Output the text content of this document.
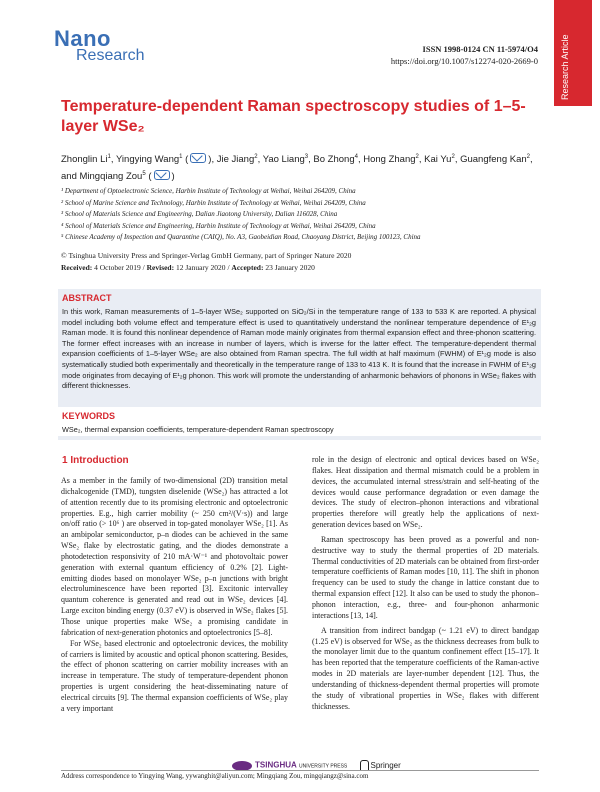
Nano
Research	ISSN 1998-0124 CN 11-5974/O4
https://doi.org/10.1007/s12274-020-2669-0 Research Article
Temperature-dependent Raman spectroscopy studies of 1–5-layer WSe₂
Zhonglin Li$^1$, Yingying Wang$^1$ ( ), Jie Jiang$^2$, Yao Liang$^3$, Bo Zhong$^4$, Hong Zhang$^2$, Kai Yu$^2$, Guangfeng Kan$^2$, and Mingqiang Zou$^5$ ( )
¹ Department of Optoelectronic Science, Harbin Institute of Technology at Weihai, Weihai 264209, China
² School of Marine Science and Technology, Harbin Institute of Technology at Weihai, Weihai 264209, China
³ School of Materials Science and Engineering, Dalian Jiaotong University, Dalian 116028, China
⁴ School of Materials Science and Engineering, Harbin Institute of Technology at Weihai, Weihai 264209, China
⁵ Chinese Academy of Inspection and Quarantine (CAIQ), No. A3, Gaobeidian Road, Chaoyang District, Beijing 100123, China
© Tsinghua University Press and Springer-Verlag GmbH Germany, part of Springer Nature 2020
Received: 4 October 2019 / Revised: 12 January 2020 / Accepted: 23 January 2020
ABSTRACT
In this work, Raman measurements of 1–5-layer WSe₂ supported on SiO₂/Si in the temperature range of 133 to 533 K are reported. A physical model including both volume effect and temperature effect is used to quantitatively understand the nonlinear temperature dependence of E¹₂g Raman mode. It is found this nonlinear dependence of Raman mode mainly originates from thermal expansion effect and three-phonon scattering. The former effect increases with an increase in number of layers, which is inverse for the latter effect. The temperature-dependent thermal expansion coefficients of 1–5-layer WSe₂ are also obtained from Raman spectra. The full width at half maximum (FWHM) of E¹₂g mode is also systematically studied both experimentally and theoretically in the temperature range of 133 to 413 K. It is found that the increase in FWHM of E¹₂g mode originates from decaying of E¹₂g phonon. This work will promote the understanding of anharmonic behaviors of phonons in WSe₂ flakes with different thicknesses.
KEYWORDS
WSe₂, thermal expansion coefficients, temperature-dependent Raman spectroscopy
1 Introduction

As a member in the family of two-dimensional (2D) transition metal dichalcogenide (TMD), tungsten diselenide (WSe₂) has attracted a lot of attention recently due to its promising electronic and optoelectronic properties. E.g., high carrier mobility (~ 250 cm²/(V·s)) and large on/off ratio (> 10⁶ ) are observed in top-gated monolayer WSe₂ [1]. As an ambipolar semiconductor, p–n diodes can be achieved in the same WSe₂ flake by electrostatic gating, and the diodes demonstrate a photodetection responsivity of 210 mA·W⁻¹ and photovoltaic power generation with external quantum efficiency of 0.2% [2]. Light-emitting diodes based on monolayer WSe₂ p–n junctions with bright electroluminescence have been reported [3]. Excitonic intervalley quantum coherence is generated and read out in WSe₂ devices [4]. Large exciton binding energy (0.37 eV) is observed in WSe₂ flakes [5]. Those unique properties make WSe₂ a promising candidate in fabrication of next-generation photonics and optoelectronics [5–8].

For WSe₂ based electronic and optoelectronic devices, the mobility of carriers is limited by acoustic and optical phonon scattering. Besides, the effect of phonon scattering on carrier mobility increases with an increase in temperature. The study of temperature-dependent phonon properties is urgent considering the heat-disseminating nature of electrical circuits [9]. The thermal expansion coefficients of WSe₂ play a very important

role in the design of electronic and optical devices based on WSe₂ flakes. Heat dissipation and thermal mismatch could be a problem in devices, the accumulated internal stress/strain and self-heating of the devices would cause performance degradation or even damage the devices. The study of electron–phonon interactions and vibrational properties therefore will greatly help the applications of next-generation devices based on WSe₂.

Raman spectroscopy has been proved as a powerful and non-destructive way to study the thermal properties of 2D materials. Thermal conductivities of 2D materials can be obtained from first-order temperature coefficients of Raman modes [10, 11]. The shift in phonon frequency can be used to study the change in lattice constant due to thermal expansion effect [12]. It also can be used to study the phonon–phonon interaction, e.g., three- and four-phonon anharmonic interactions [13, 14].

A transition from indirect bandgap (~ 1.21 eV) to direct bandgap (1.25 eV) is observed for WSe₂ as the thickness decreases from bulk to the monolayer limit due to the quantum confinement effect [15–17]. It has been reported that the temperature coefficients of the Raman-active modes in 2D materials are layer-number dependent [12]. Thus, the understanding of thickness-dependent thermal properties will promote the study of vibrational properties in WSe₂ flakes with different thicknesses.

TSINGHUA UNIVERSITY PRESS	Springer
Address correspondence to Yingying Wang, yywanghit@aliyun.com; Mingqiang Zou, mingqiangz@sina.com
